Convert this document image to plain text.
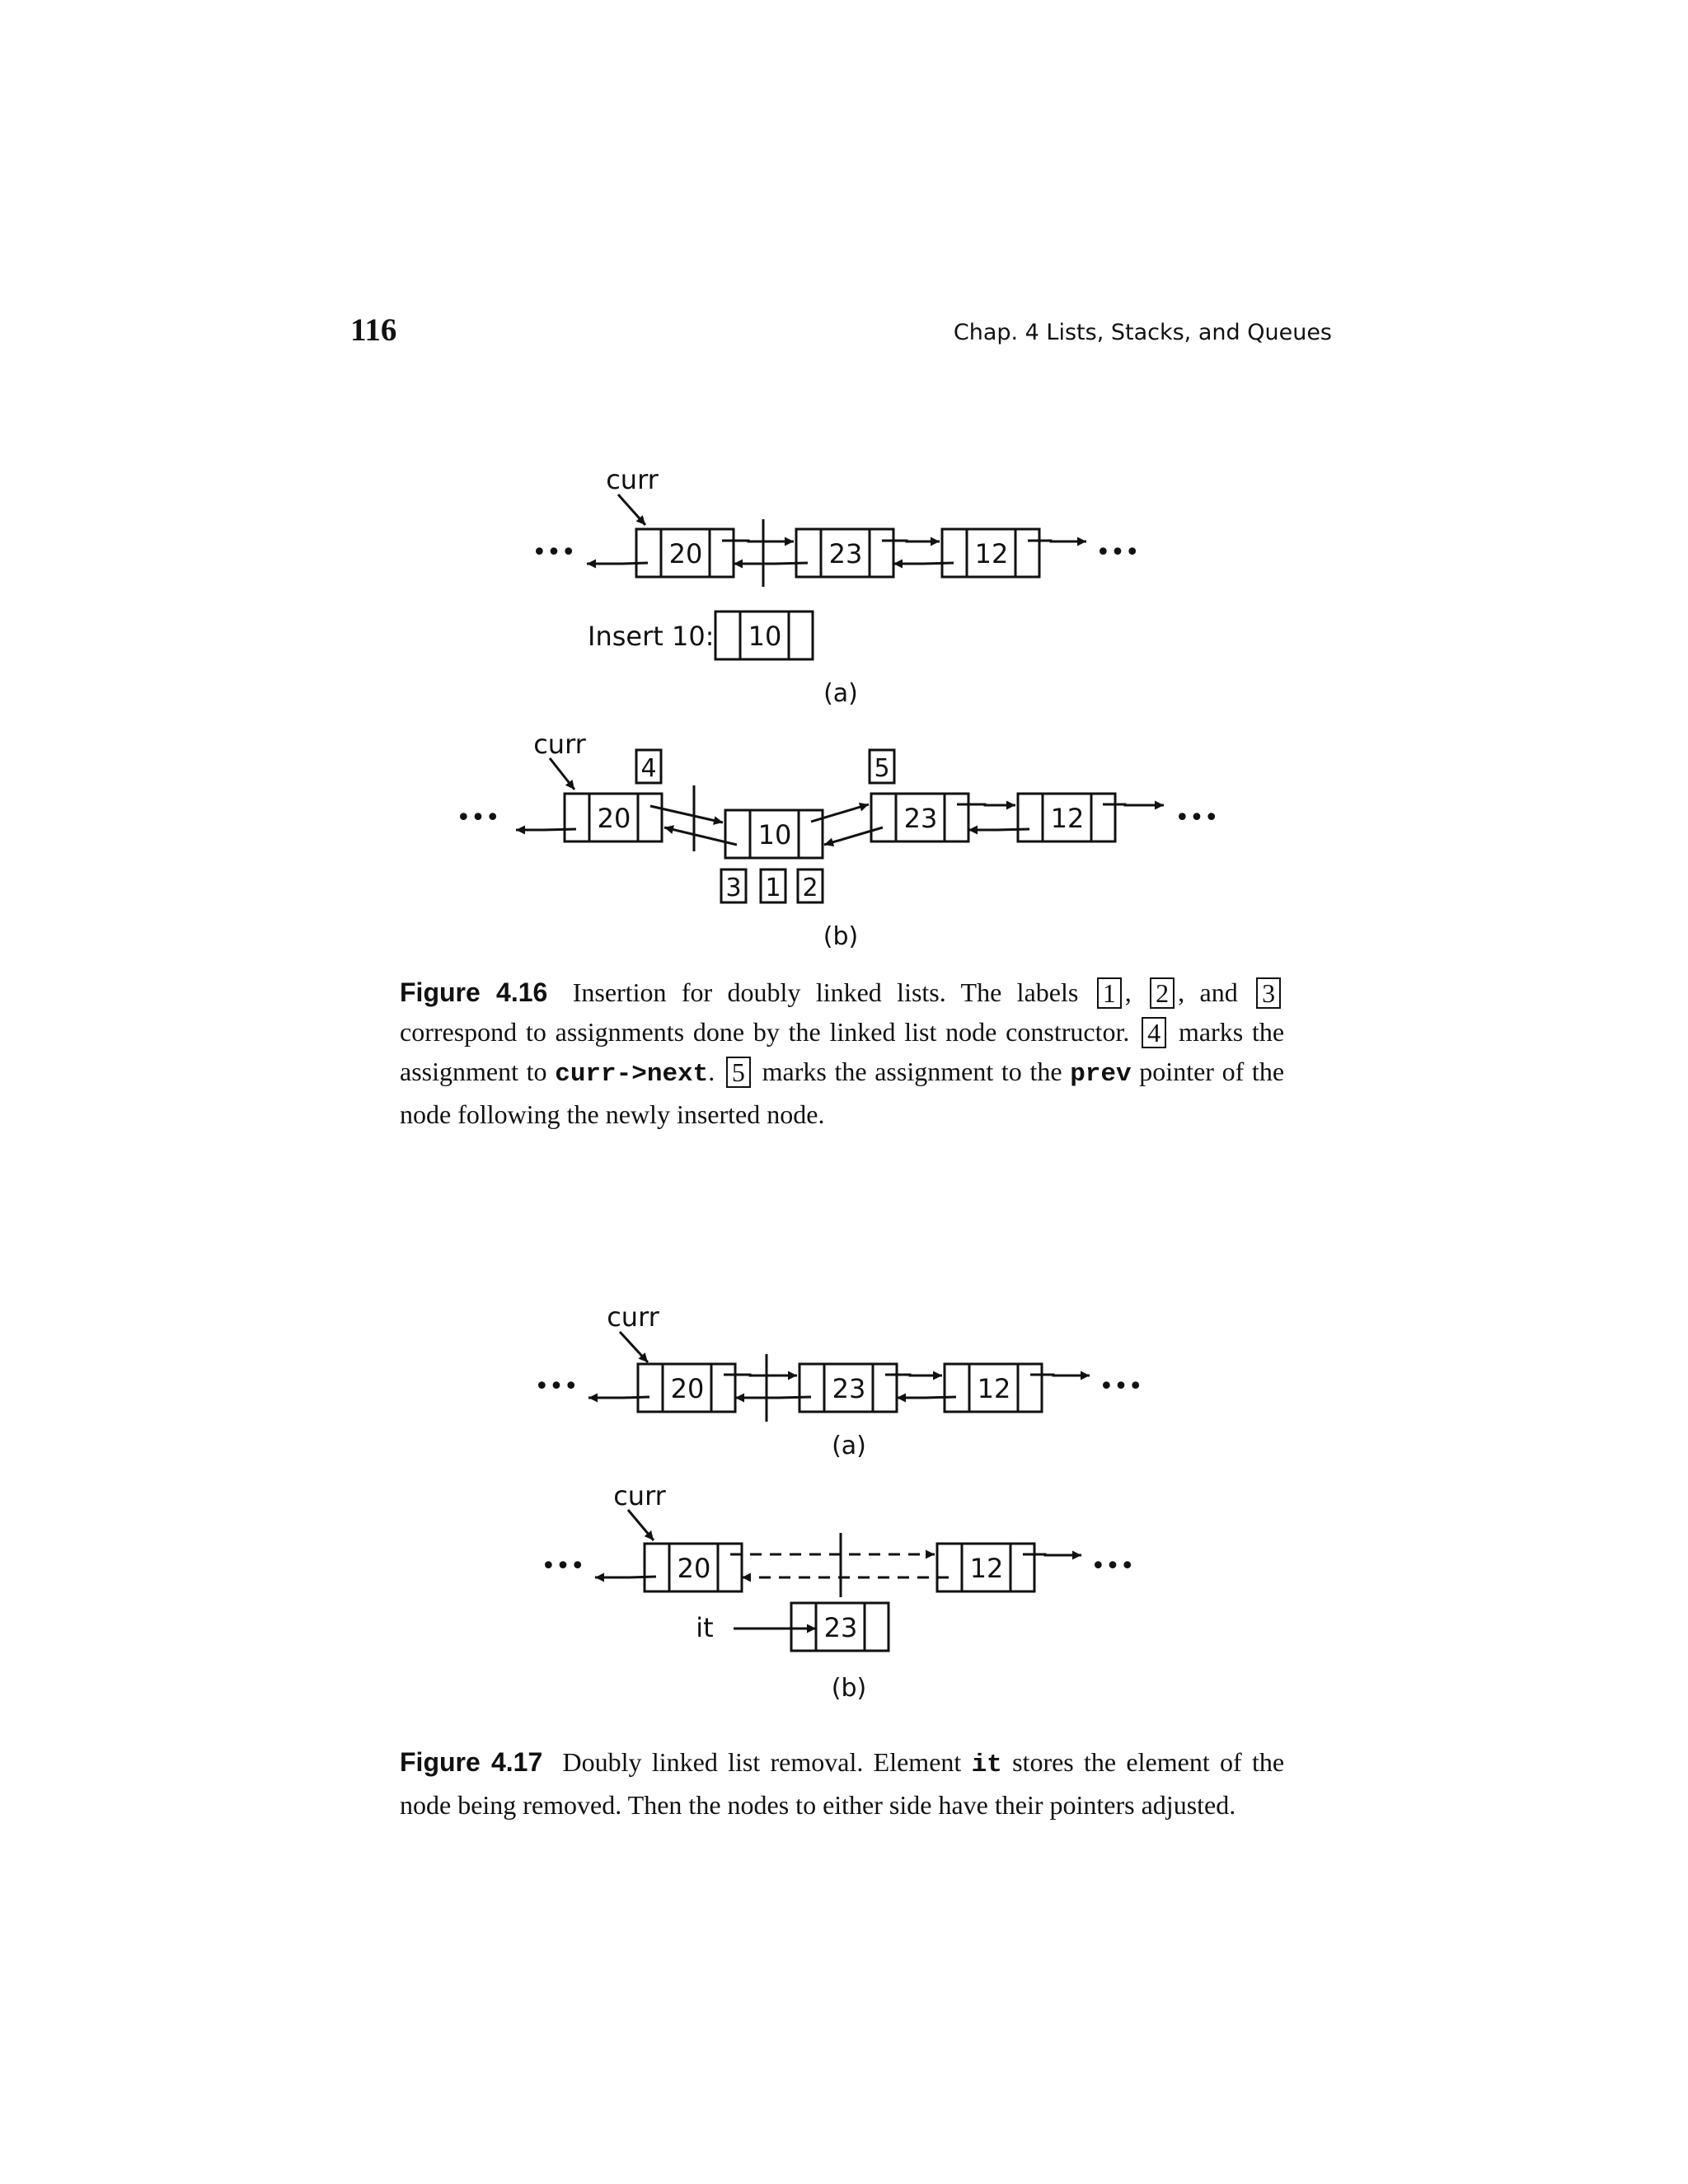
116	Chap. 4 Lists, Stacks, and Queues
curr
•••	•••
20	23	12
Insert 10: 10
(a)
curr
•••	•••
20
10
23	12
4	5
3 1 2
(b)
Figure 4.16 Insertion for doubly linked lists. The labels 1 , 2 , and 3 correspond to assignments done by the linked list node constructor. 4 marks the assignment to curr->next. 5 marks the assignment to the prev pointer of the node following the newly inserted node.
curr
•••	•••
20	23	12
(a)
curr
•••	•••
20	12
it	23
(b)
Figure 4.17 Doubly linked list removal. Element it stores the element of the node being removed. Then the nodes to either side have their pointers adjusted.
